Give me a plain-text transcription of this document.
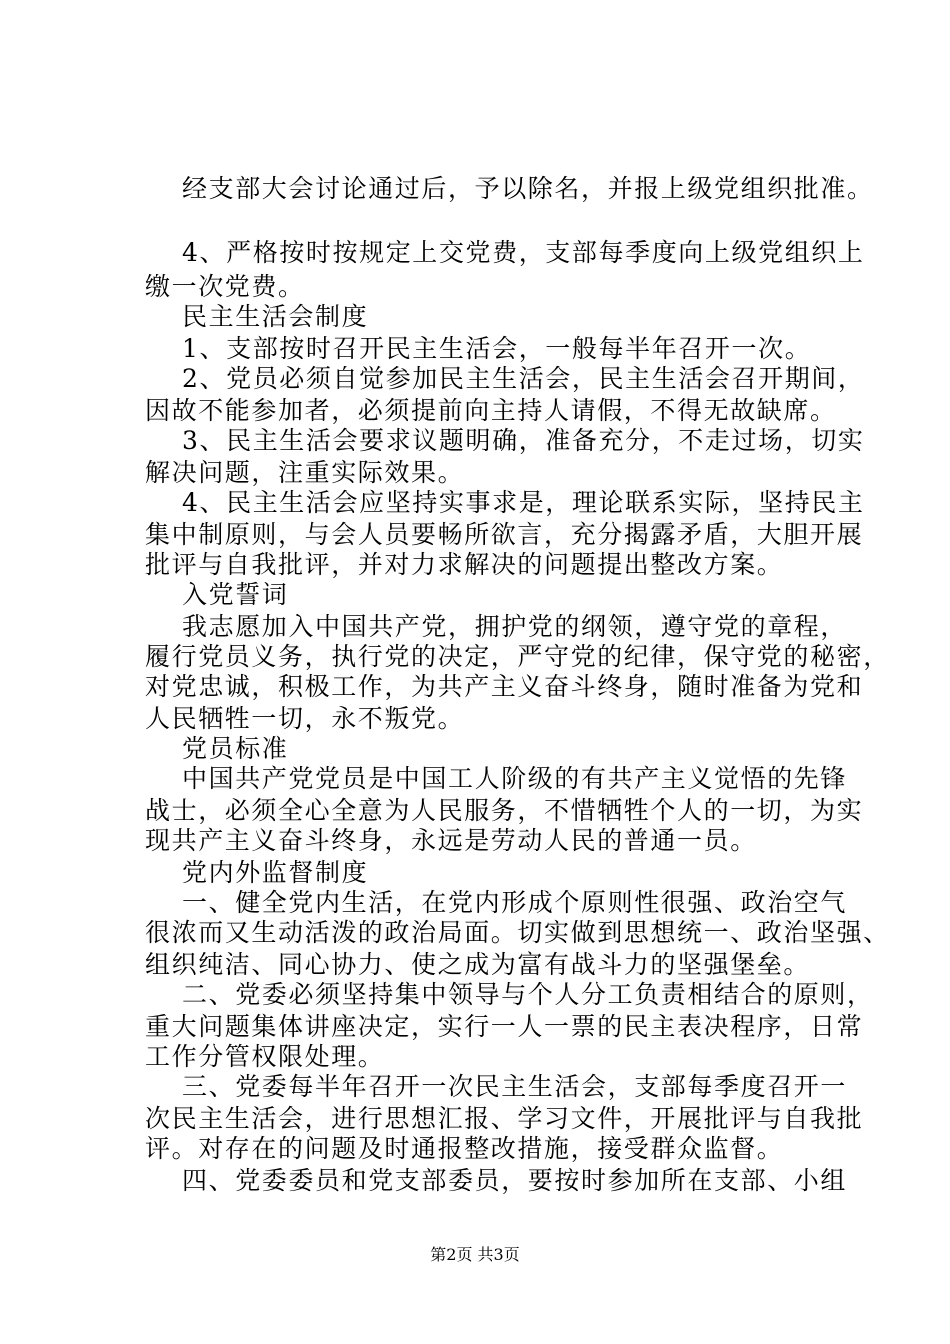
经支部大会讨论通过后，予以除名，并报上级党组织批准。
4、严格按时按规定上交党费，支部每季度向上级党组织上
缴一次党费。
民主生活会制度
1、支部按时召开民主生活会，一般每半年召开一次。
2、党员必须自觉参加民主生活会，民主生活会召开期间，
因故不能参加者，必须提前向主持人请假，不得无故缺席。
3、民主生活会要求议题明确，准备充分，不走过场，切实
解决问题，注重实际效果。
4、民主生活会应坚持实事求是，理论联系实际，坚持民主
集中制原则，与会人员要畅所欲言，充分揭露矛盾，大胆开展
批评与自我批评，并对力求解决的问题提出整改方案。
入党誓词
我志愿加入中国共产党，拥护党的纲领，遵守党的章程，
履行党员义务，执行党的决定，严守党的纪律，保守党的秘密，
对党忠诚，积极工作，为共产主义奋斗终身，随时准备为党和
人民牺牲一切，永不叛党。
党员标准
中国共产党党员是中国工人阶级的有共产主义觉悟的先锋
战士，必须全心全意为人民服务，不惜牺牲个人的一切，为实
现共产主义奋斗终身，永远是劳动人民的普通一员。
党内外监督制度
一、健全党内生活，在党内形成个原则性很强、政治空气
很浓而又生动活泼的政治局面。切实做到思想统一、政治坚强、
组织纯洁、同心协力、使之成为富有战斗力的坚强堡垒。
二、党委必须坚持集中领导与个人分工负责相结合的原则，
重大问题集体讲座决定，实行一人一票的民主表决程序，日常
工作分管权限处理。
三、党委每半年召开一次民主生活会，支部每季度召开一
次民主生活会，进行思想汇报、学习文件，开展批评与自我批
评。对存在的问题及时通报整改措施，接受群众监督。
四、党委委员和党支部委员，要按时参加所在支部、小组
第2页 共3页
